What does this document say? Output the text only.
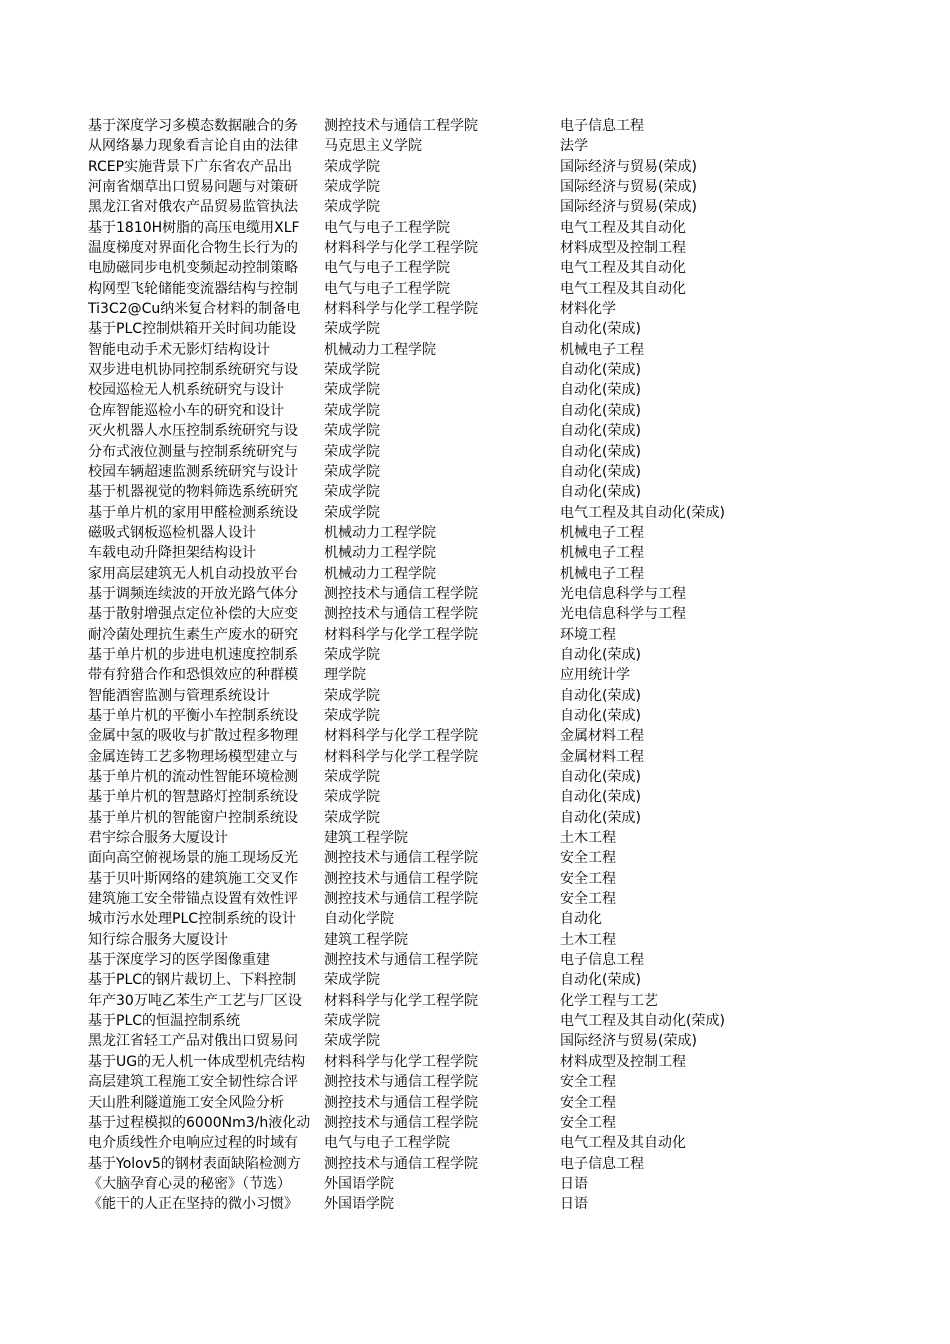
基于深度学习多模态数据融合的务	测控技术与通信工程学院	电子信息工程
从网络暴力现象看言论自由的法律	马克思主义学院	法学
RCEP实施背景下广东省农产品出	荣成学院	国际经济与贸易(荣成)
河南省烟草出口贸易问题与对策研	荣成学院	国际经济与贸易(荣成)
黑龙江省对俄农产品贸易监管执法	荣成学院	国际经济与贸易(荣成)
基于1810H树脂的高压电缆用XLF	电气与电子工程学院	电气工程及其自动化
温度梯度对界面化合物生长行为的	材料科学与化学工程学院	材料成型及控制工程
电励磁同步电机变频起动控制策略	电气与电子工程学院	电气工程及其自动化
构网型飞轮储能变流器结构与控制	电气与电子工程学院	电气工程及其自动化
Ti3C2@Cu纳米复合材料的制备电	材料科学与化学工程学院	材料化学
基于PLC控制烘箱开关时间功能设	荣成学院	自动化(荣成)
智能电动手术无影灯结构设计	机械动力工程学院	机械电子工程
双步进电机协同控制系统研究与设	荣成学院	自动化(荣成)
校园巡检无人机系统研究与设计	荣成学院	自动化(荣成)
仓库智能巡检小车的研究和设计	荣成学院	自动化(荣成)
灭火机器人水压控制系统研究与设	荣成学院	自动化(荣成)
分布式液位测量与控制系统研究与	荣成学院	自动化(荣成)
校园车辆超速监测系统研究与设计	荣成学院	自动化(荣成)
基于机器视觉的物料筛选系统研究	荣成学院	自动化(荣成)
基于单片机的家用甲醛检测系统设	荣成学院	电气工程及其自动化(荣成)
磁吸式钢板巡检机器人设计	机械动力工程学院	机械电子工程
车载电动升降担架结构设计	机械动力工程学院	机械电子工程
家用高层建筑无人机自动投放平台	机械动力工程学院	机械电子工程
基于调频连续波的开放光路气体分	测控技术与通信工程学院	光电信息科学与工程
基于散射增强点定位补偿的大应变	测控技术与通信工程学院	光电信息科学与工程
耐冷菌处理抗生素生产废水的研究	材料科学与化学工程学院	环境工程
基于单片机的步进电机速度控制系	荣成学院	自动化(荣成)
带有狩猎合作和恐惧效应的种群模	理学院	应用统计学
智能酒窖监测与管理系统设计	荣成学院	自动化(荣成)
基于单片机的平衡小车控制系统设	荣成学院	自动化(荣成)
金属中氢的吸收与扩散过程多物理	材料科学与化学工程学院	金属材料工程
金属连铸工艺多物理场模型建立与	材料科学与化学工程学院	金属材料工程
基于单片机的流动性智能环境检测	荣成学院	自动化(荣成)
基于单片机的智慧路灯控制系统设	荣成学院	自动化(荣成)
基于单片机的智能窗户控制系统设	荣成学院	自动化(荣成)
君宇综合服务大厦设计	建筑工程学院	土木工程
面向高空俯视场景的施工现场反光	测控技术与通信工程学院	安全工程
基于贝叶斯网络的建筑施工交叉作	测控技术与通信工程学院	安全工程
建筑施工安全带锚点设置有效性评	测控技术与通信工程学院	安全工程
城市污水处理PLC控制系统的设计	自动化学院	自动化
知行综合服务大厦设计	建筑工程学院	土木工程
基于深度学习的医学图像重建	测控技术与通信工程学院	电子信息工程
基于PLC的钢片裁切上、下料控制	荣成学院	自动化(荣成)
年产30万吨乙苯生产工艺与厂区设	材料科学与化学工程学院	化学工程与工艺
基于PLC的恒温控制系统	荣成学院	电气工程及其自动化(荣成)
黑龙江省轻工产品对俄出口贸易问	荣成学院	国际经济与贸易(荣成)
基于UG的无人机一体成型机壳结构	材料科学与化学工程学院	材料成型及控制工程
高层建筑工程施工安全韧性综合评	测控技术与通信工程学院	安全工程
天山胜利隧道施工安全风险分析	测控技术与通信工程学院	安全工程
基于过程模拟的6000Nm3/h液化动 测控技术与通信工程学院	安全工程
电介质线性介电响应过程的时域有	电气与电子工程学院	电气工程及其自动化
基于Yolov5的钢材表面缺陷检测方	测控技术与通信工程学院	电子信息工程
《大脑孕育心灵的秘密》（节选）	外国语学院	日语
《能干的人正在坚持的微小习惯》	外国语学院	日语
